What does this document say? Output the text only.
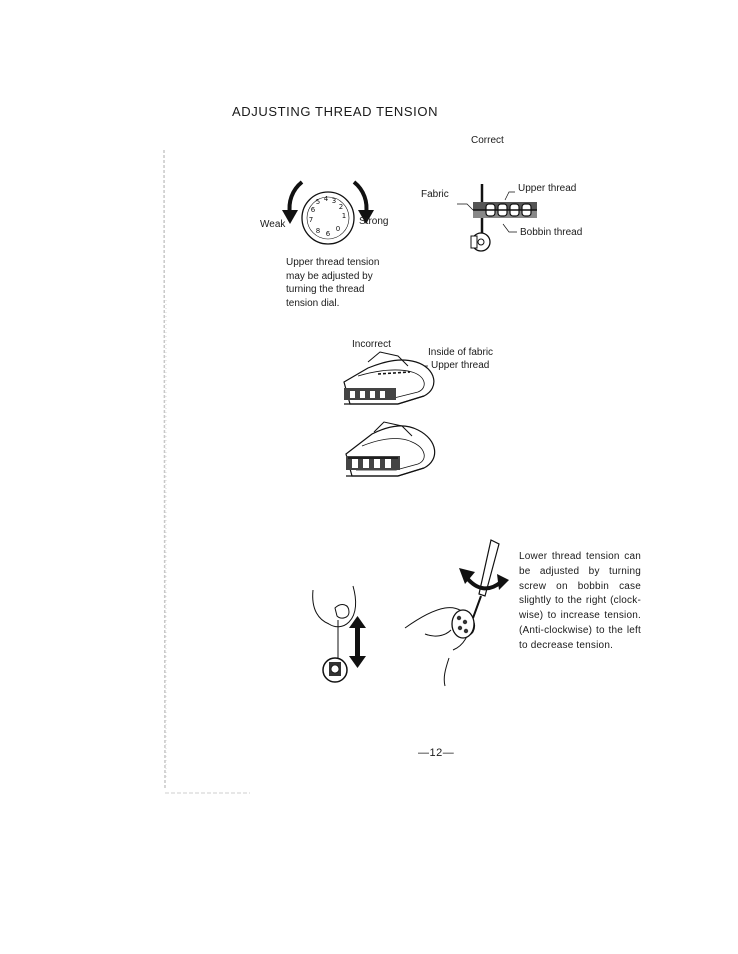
ADJUSTING THREAD TENSION
5 4 3
2
1
6
7
8 6
0
Weak	Strong
Upper thread tension
may be adjusted by
turning the thread
tension dial.
Correct
Fabric
Upper thread
Bobbin thread
Incorrect
Inside of fabric
Upper thread
Lower thread tension can be adjusted by turning screw on bobbin case slightly to the right (clock-wise) to increase tension. (Anti-clockwise) to the left to decrease tension.
—12—
